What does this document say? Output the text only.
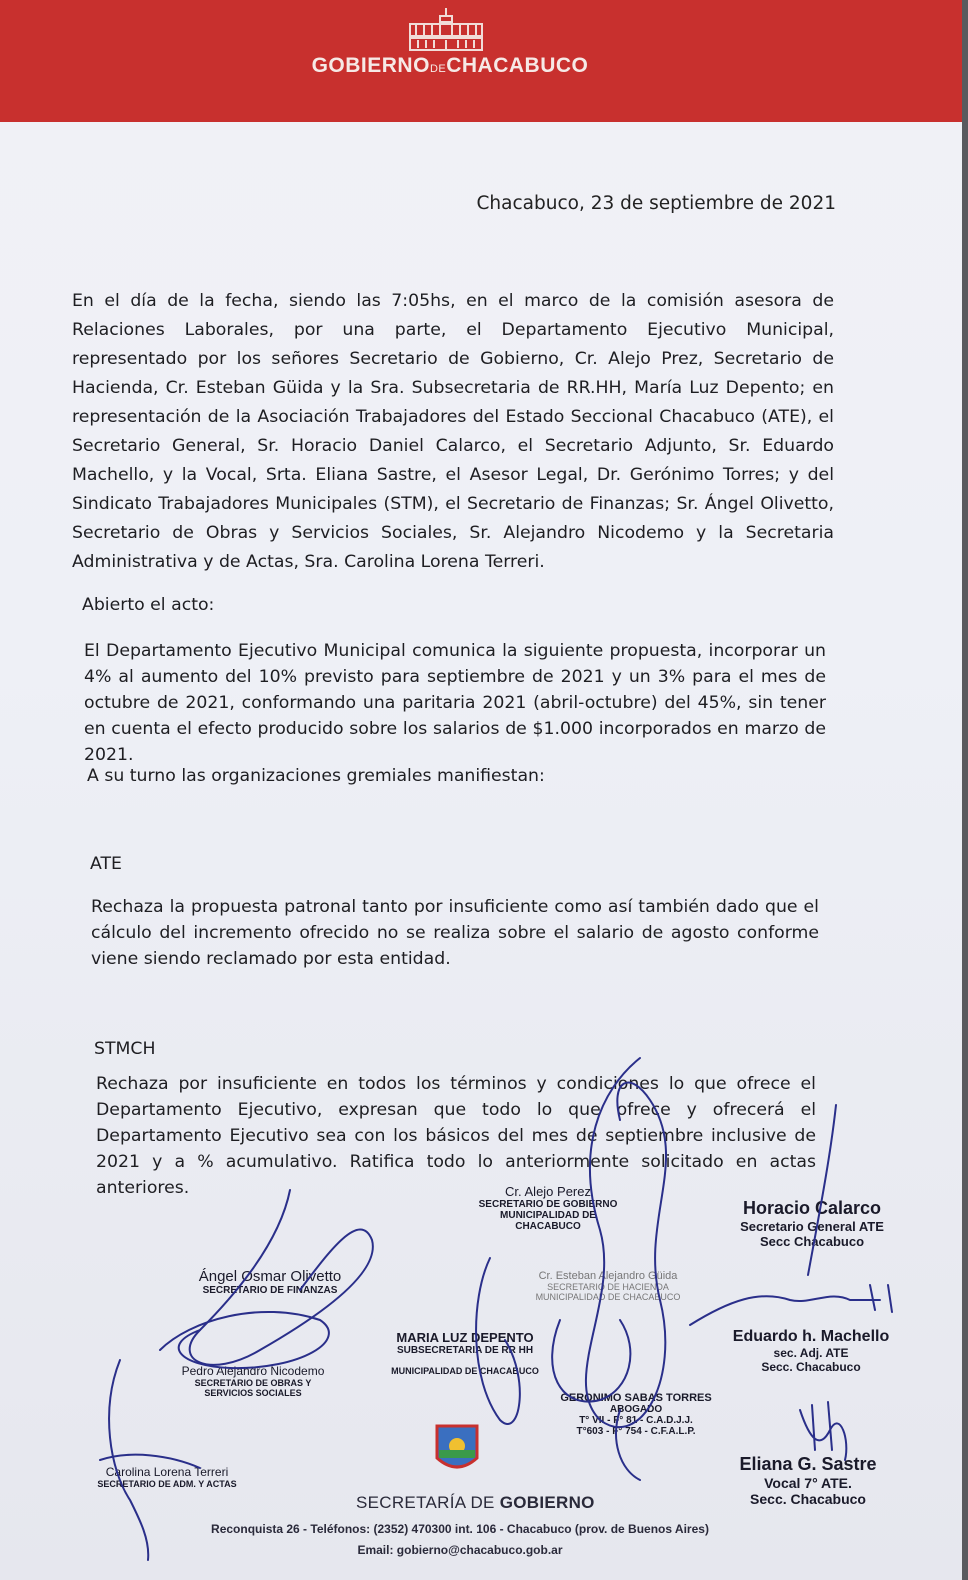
GOBIERNODECHACABUCO
Chacabuco, 23 de septiembre de 2021
En el día de la fecha, siendo las 7:05hs, en el marco de la comisión asesora de Relaciones Laborales, por una parte, el Departamento Ejecutivo Municipal, representado por los señores Secretario de Gobierno, Cr. Alejo Prez, Secretario de Hacienda, Cr. Esteban Güida y la Sra. Subsecretaria de RR.HH, María Luz Depento; en representación de la Asociación Trabajadores del Estado Seccional Chacabuco (ATE), el Secretario General, Sr. Horacio Daniel Calarco, el Secretario Adjunto, Sr. Eduardo Machello, y la Vocal, Srta. Eliana Sastre, el Asesor Legal, Dr. Gerónimo Torres; y del Sindicato Trabajadores Municipales (STM), el Secretario de Finanzas; Sr. Ángel Olivetto, Secretario de Obras y Servicios Sociales, Sr. Alejandro Nicodemo y la Secretaria Administrativa y de Actas, Sra. Carolina Lorena Terreri.
Abierto el acto:
El Departamento Ejecutivo Municipal comunica la siguiente propuesta, incorporar un 4% al aumento del 10% previsto para septiembre de 2021 y un 3% para el mes de octubre de 2021, conformando una paritaria 2021 (abril-octubre) del 45%, sin tener en cuenta el efecto producido sobre los salarios de $1.000 incorporados en marzo de 2021.
A su turno las organizaciones gremiales manifiestan:
ATE
Rechaza la propuesta patronal tanto por insuficiente como así también dado que el cálculo del incremento ofrecido no se realiza sobre el salario de agosto conforme viene siendo reclamado por esta entidad.
STMCH
Rechaza por insuficiente en todos los términos y condiciones lo que ofrece el Departamento Ejecutivo, expresan que todo lo que ofrece y ofrecerá el Departamento Ejecutivo sea con los básicos del mes de septiembre inclusive de 2021 y a % acumulativo. Ratifica todo lo anteriormente solicitado en actas anteriores.	Cr. Alejo Perez
SECRETARIO DE GOBIERNO
MUNICIPALIDAD DE CHACABUCO
Horacio Calarco
Secretario General ATE
Secc Chacabuco
Ángel Osmar Olivetto
SECRETARIO DE FINANZAS
Cr. Esteban Alejandro Güida
SECRETARIO DE HACIENDA
MUNICIPALIDAD DE CHACABUCO
Eduardo h. Machello
sec. Adj. ATE
Secc. Chacabuco
MARIA LUZ DEPENTO
SUBSECRETARIA DE RR HH
MUNICIPALIDAD DE CHACABUCO
Pedro Alejandro Nicodemo
SECRETARIO DE OBRAS Y
SERVICIOS SOCIALES	GERONIMO SABAS TORRES
ABOGADO
T° VII - F° 81 - C.A.D.J.J.
T°603 - F° 754 - C.F.A.L.P.
Carolina Lorena Terreri
SECRETARIO DE ADM. Y ACTAS
Eliana G. Sastre
Vocal 7° ATE.
Secc. Chacabuco
SECRETARÍA DE GOBIERNO
Reconquista 26 - Teléfonos: (2352) 470300 int. 106 - Chacabuco (prov. de Buenos Aires)
Email: gobierno@chacabuco.gob.ar
